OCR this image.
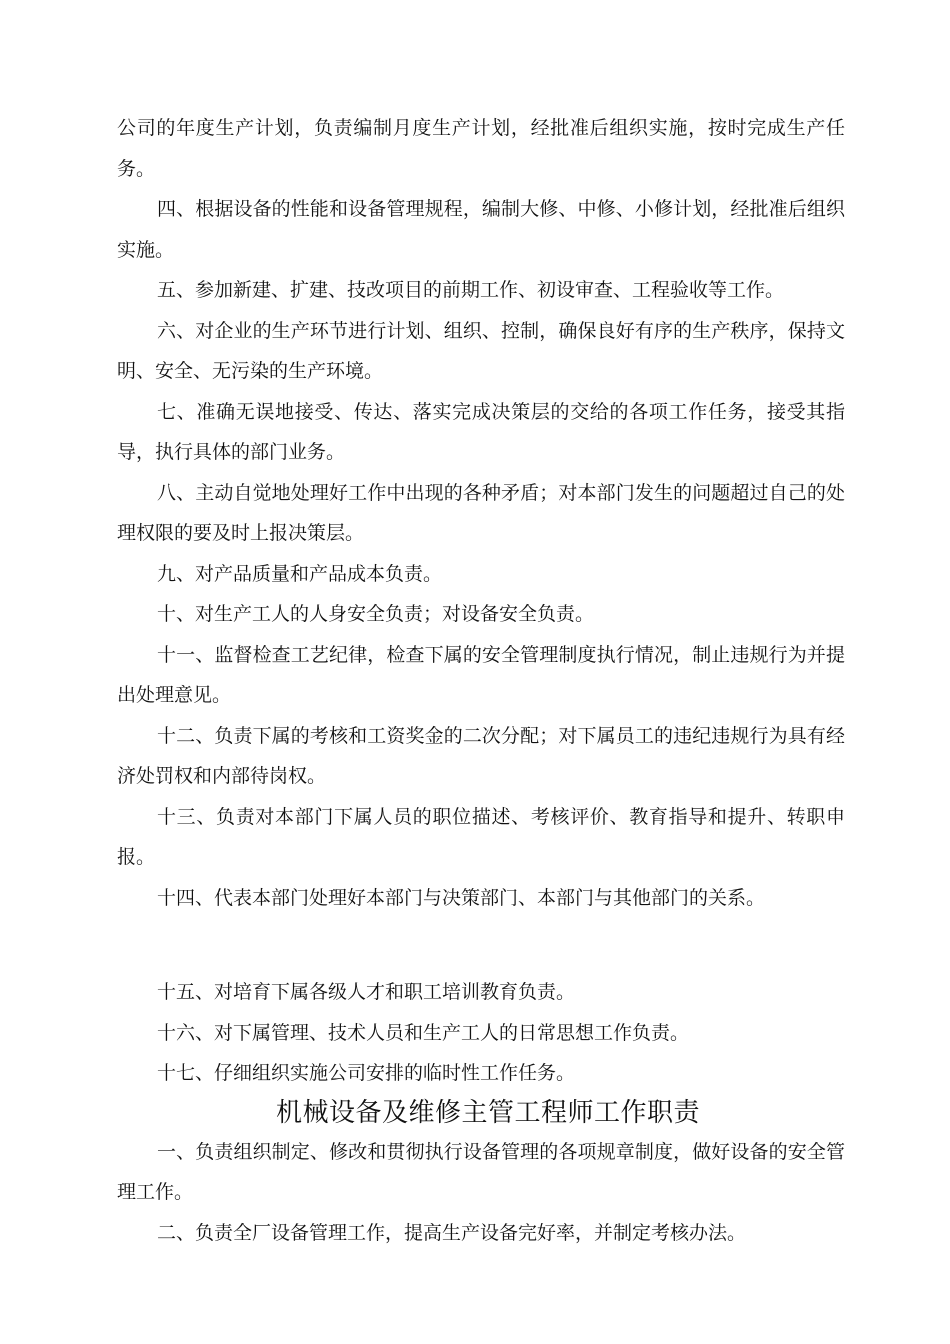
公司的年度生产计划，负责编制月度生产计划，经批准后组织实施，按时完成生产任务。

四、根据设备的性能和设备管理规程，编制大修、中修、小修计划，经批准后组织实施。

五、参加新建、扩建、技改项目的前期工作、初设审查、工程验收等工作。

六、对企业的生产环节进行计划、组织、控制，确保良好有序的生产秩序，保持文明、安全、无污染的生产环境。

七、准确无误地接受、传达、落实完成决策层的交给的各项工作任务，接受其指导，执行具体的部门业务。

八、主动自觉地处理好工作中出现的各种矛盾；对本部门发生的问题超过自己的处理权限的要及时上报决策层。

九、对产品质量和产品成本负责。

十、对生产工人的人身安全负责；对设备安全负责。

十一、监督检查工艺纪律，检查下属的安全管理制度执行情况，制止违规行为并提出处理意见。

十二、负责下属的考核和工资奖金的二次分配；对下属员工的违纪违规行为具有经济处罚权和内部待岗权。

十三、负责对本部门下属人员的职位描述、考核评价、教育指导和提升、转职申报。

十四、代表本部门处理好本部门与决策部门、本部门与其他部门的关系。

十五、对培育下属各级人才和职工培训教育负责。

十六、对下属管理、技术人员和生产工人的日常思想工作负责。

十七、仔细组织实施公司安排的临时性工作任务。

机械设备及维修主管工程师工作职责

一、负责组织制定、修改和贯彻执行设备管理的各项规章制度，做好设备的安全管理工作。

二、负责全厂设备管理工作，提高生产设备完好率，并制定考核办法。
